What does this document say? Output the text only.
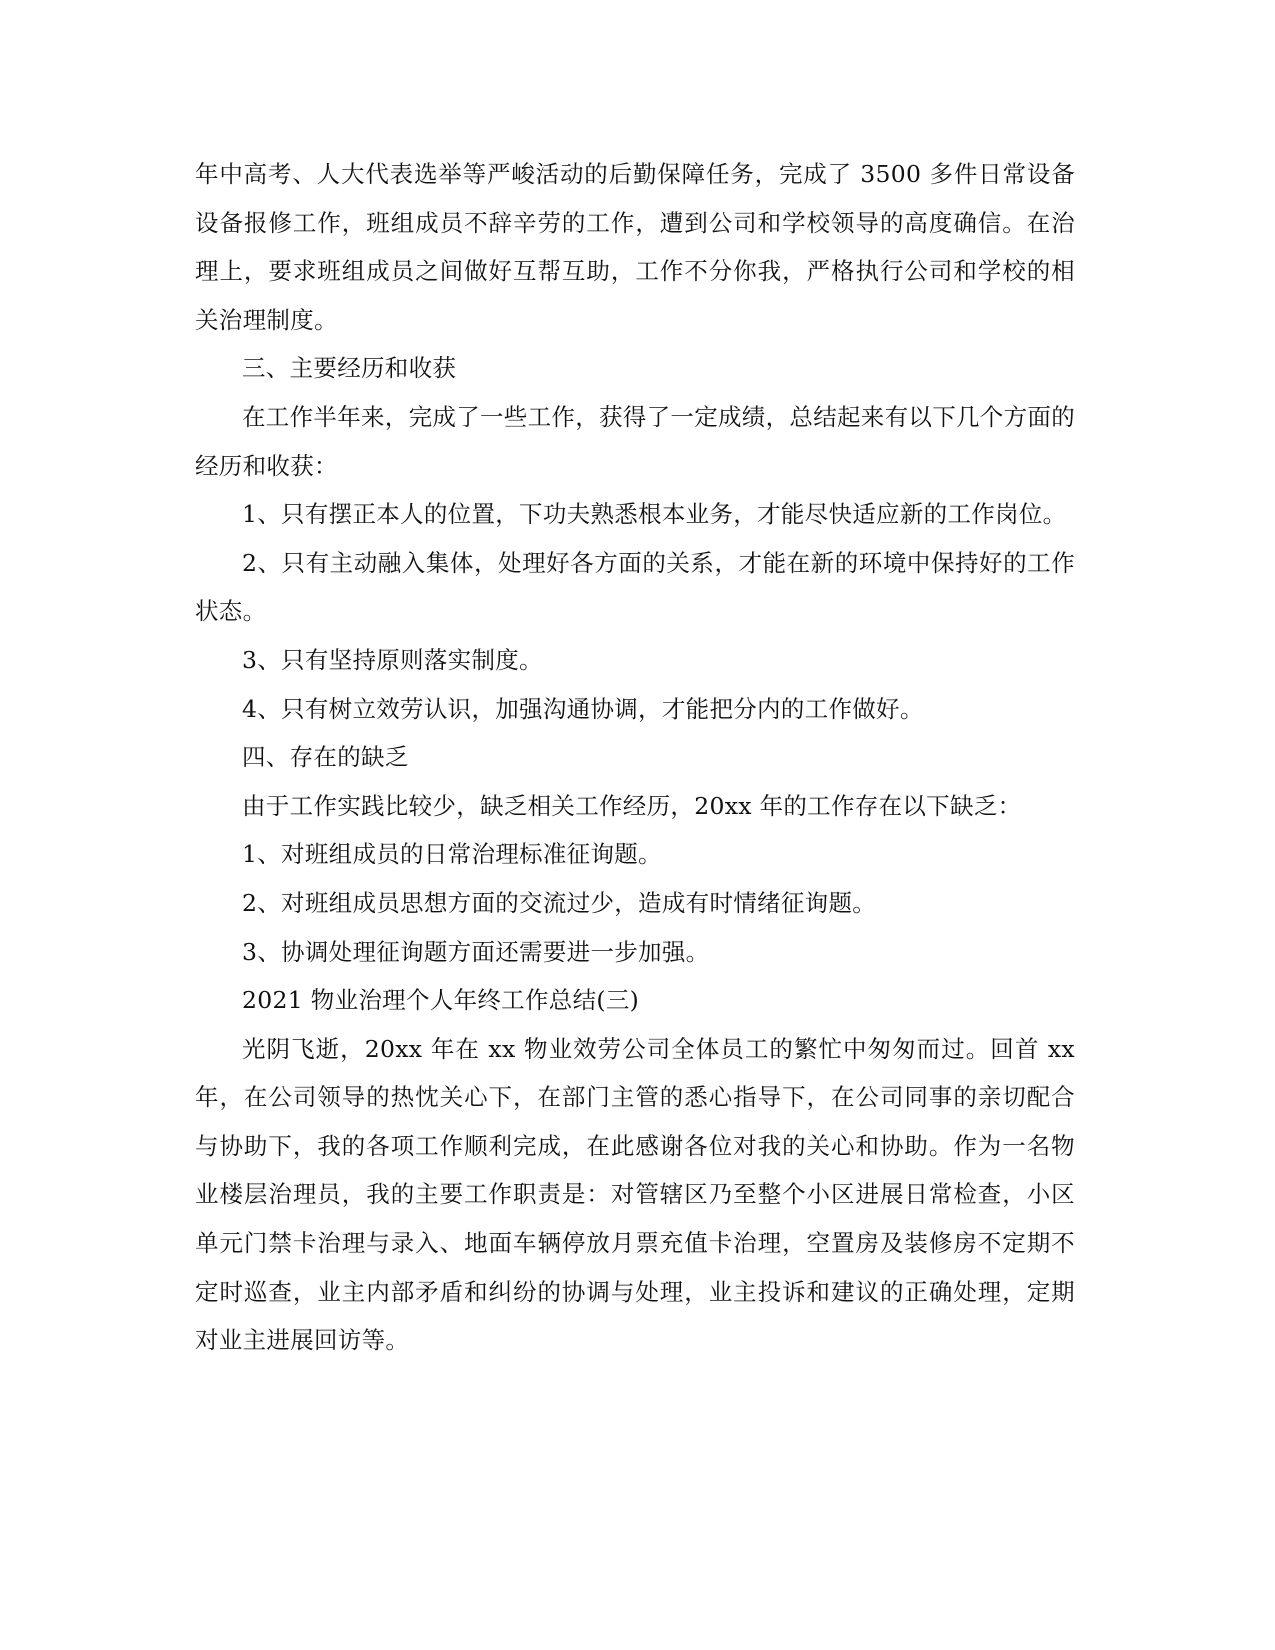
年中高考、人大代表选举等严峻活动的后勤保障任务，完成了 3500 多件日常设备设备报修工作，班组成员不辞辛劳的工作，遭到公司和学校领导的高度确信。在治理上，要求班组成员之间做好互帮互助，工作不分你我，严格执行公司和学校的相关治理制度。

三、主要经历和收获

在工作半年来，完成了一些工作，获得了一定成绩，总结起来有以下几个方面的经历和收获：

1、只有摆正本人的位置，下功夫熟悉根本业务，才能尽快适应新的工作岗位。

2、只有主动融入集体，处理好各方面的关系，才能在新的环境中保持好的工作状态。

3、只有坚持原则落实制度。

4、只有树立效劳认识，加强沟通协调，才能把分内的工作做好。

四、存在的缺乏

由于工作实践比较少，缺乏相关工作经历，20xx 年的工作存在以下缺乏：

1、对班组成员的日常治理标准征询题。

2、对班组成员思想方面的交流过少，造成有时情绪征询题。

3、协调处理征询题方面还需要进一步加强。

2021 物业治理个人年终工作总结(三)

光阴飞逝，20xx 年在 xx 物业效劳公司全体员工的繁忙中匆匆而过。回首 xx 年，在公司领导的热忱关心下，在部门主管的悉心指导下，在公司同事的亲切配合与协助下，我的各项工作顺利完成，在此感谢各位对我的关心和协助。作为一名物业楼层治理员，我的主要工作职责是：对管辖区乃至整个小区进展日常检查，小区单元门禁卡治理与录入、地面车辆停放月票充值卡治理，空置房及装修房不定期不定时巡查，业主内部矛盾和纠纷的协调与处理，业主投诉和建议的正确处理，定期对业主进展回访等。
